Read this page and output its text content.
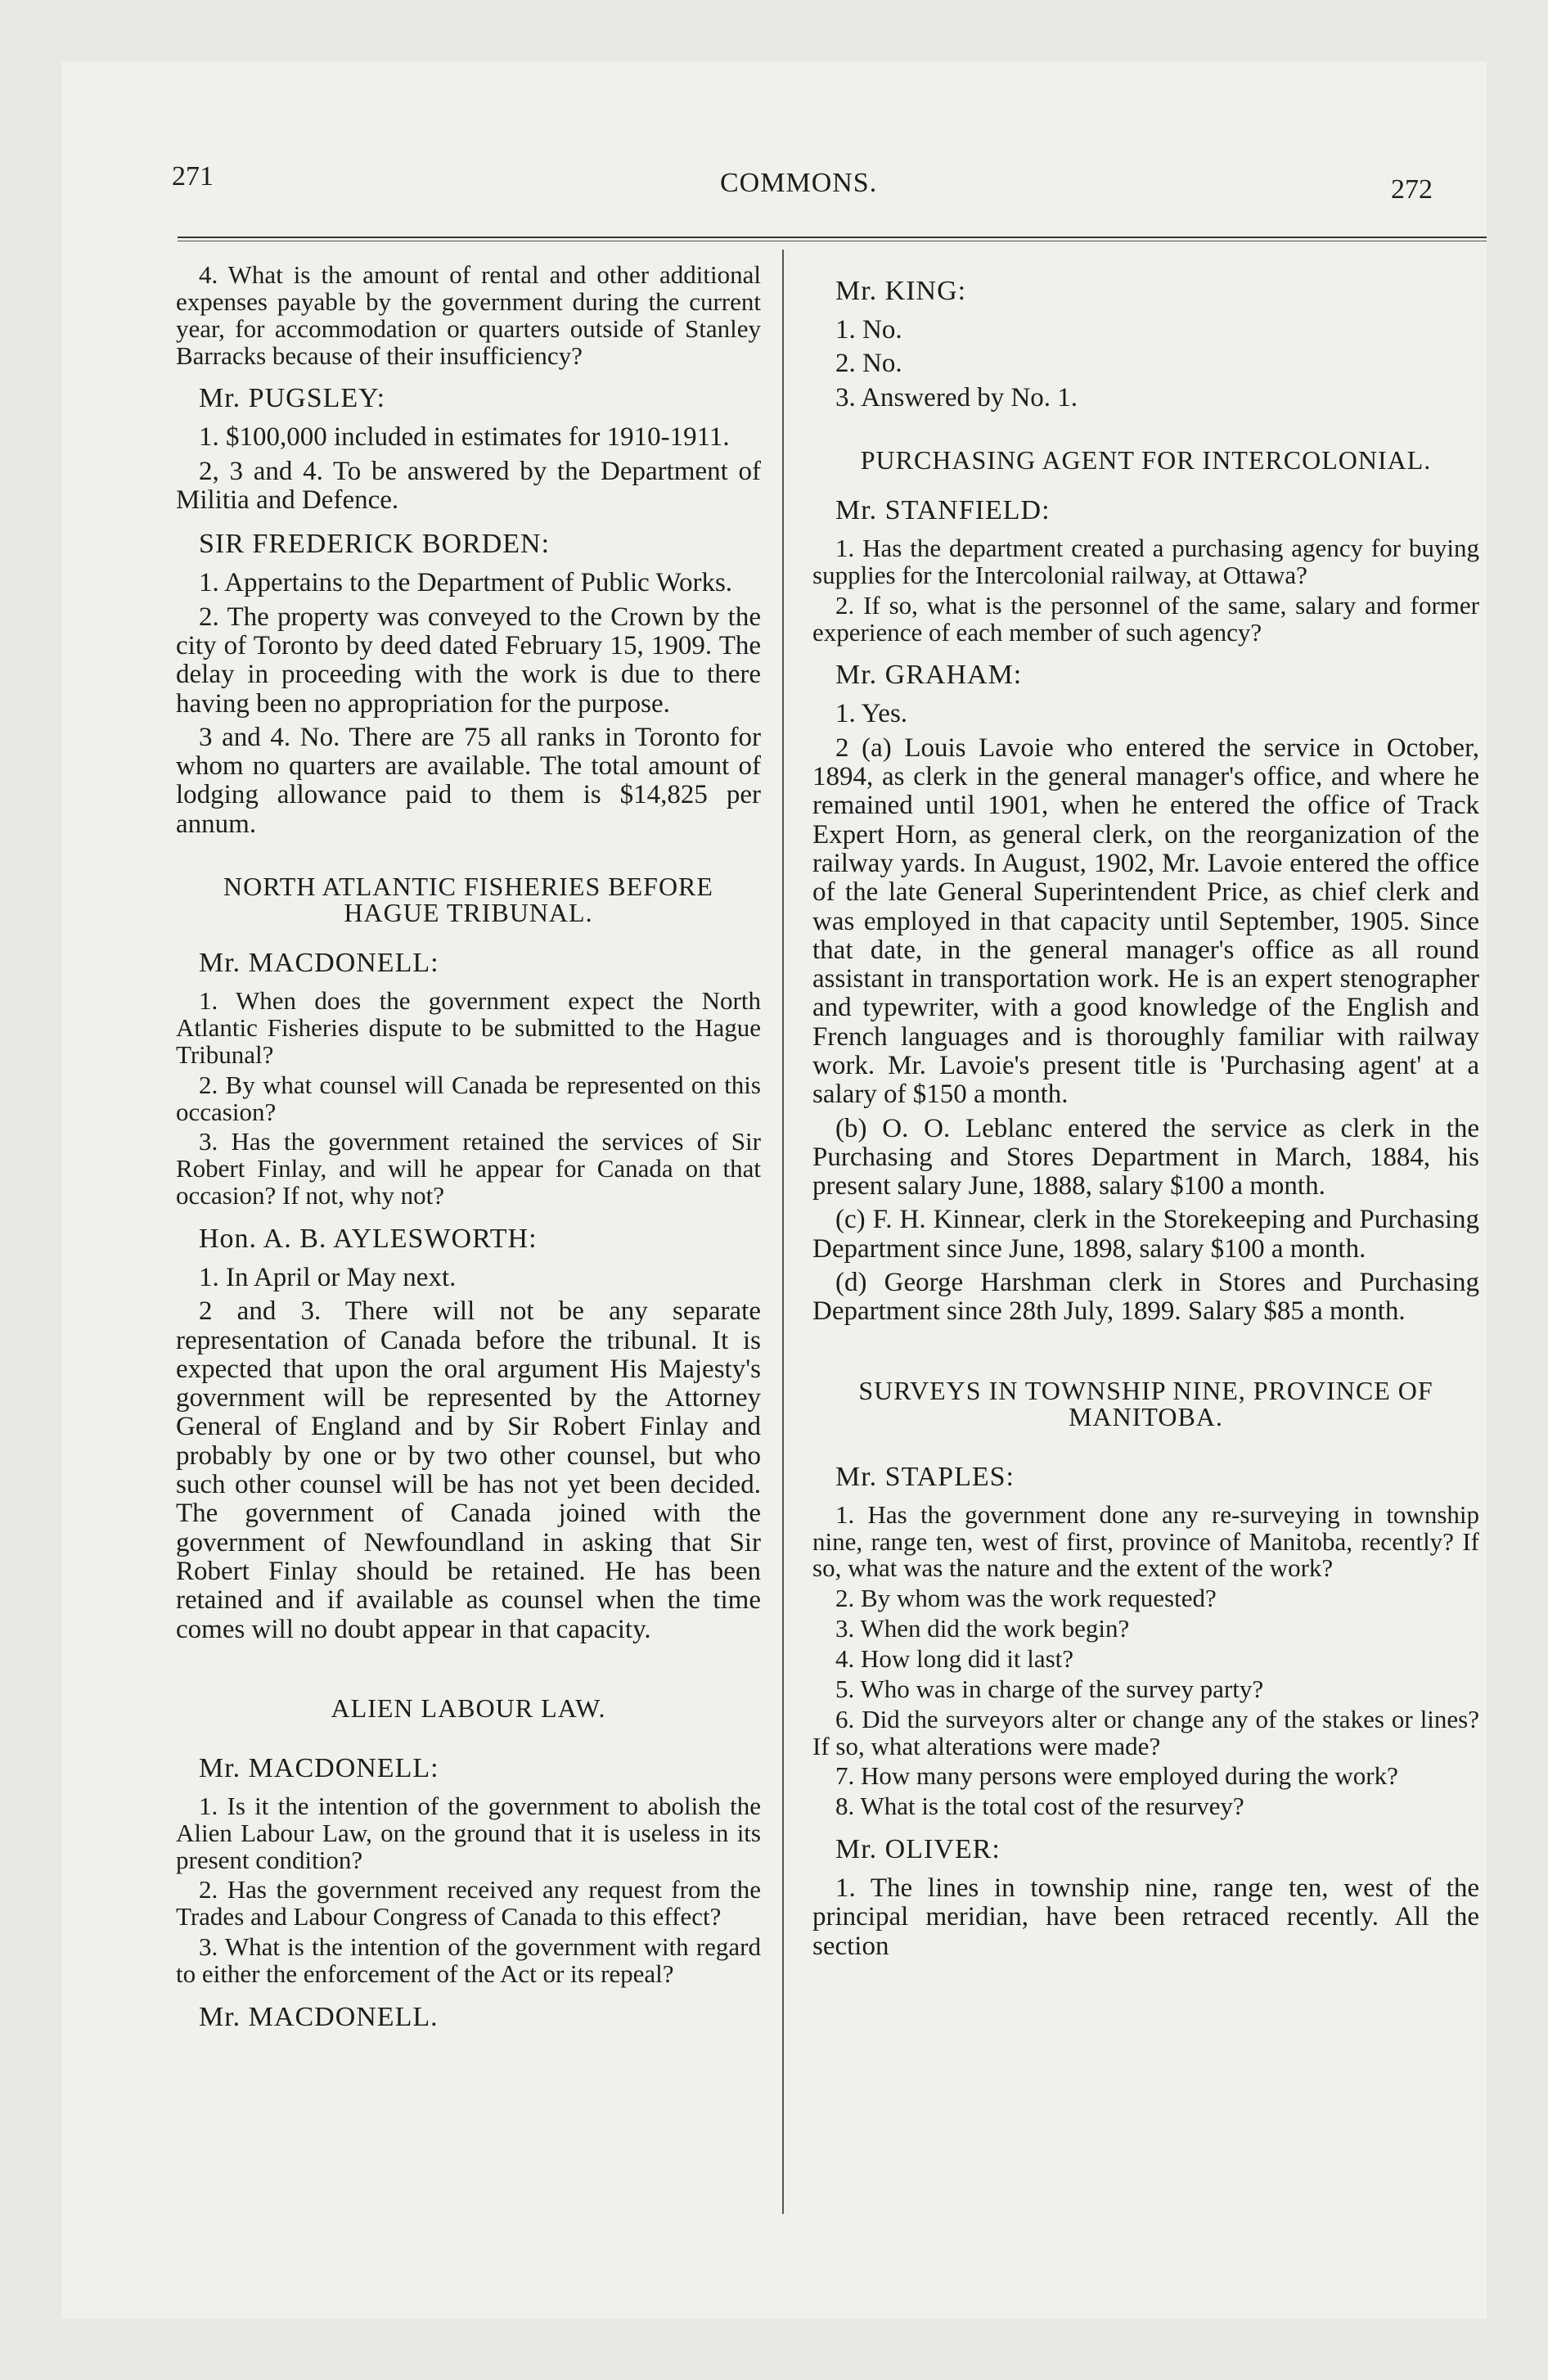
271	COMMONS.	272

4. What is the amount of rental and other additional expenses payable by the government during the current year, for accommodation or quarters outside of Stanley Barracks because of their insufficiency?

Mr. PUGSLEY:

1. $100,000 included in estimates for 1910-1911.

2, 3 and 4. To be answered by the Department of Militia and Defence.

SIR FREDERICK BORDEN:

1. Appertains to the Department of Public Works.

2. The property was conveyed to the Crown by the city of Toronto by deed dated February 15, 1909. The delay in proceeding with the work is due to there having been no appropriation for the purpose.

3 and 4. No. There are 75 all ranks in Toronto for whom no quarters are available. The total amount of lodging allowance paid to them is $14,825 per annum.

NORTH ATLANTIC FISHERIES BEFORE HAGUE TRIBUNAL.
Mr. MACDONELL:

1. When does the government expect the North Atlantic Fisheries dispute to be submitted to the Hague Tribunal?

2. By what counsel will Canada be represented on this occasion?

3. Has the government retained the services of Sir Robert Finlay, and will he appear for Canada on that occasion? If not, why not?

Hon. A. B. AYLESWORTH:

1. In April or May next.

2 and 3. There will not be any separate representation of Canada before the tribunal. It is expected that upon the oral argument His Majesty's government will be represented by the Attorney General of England and by Sir Robert Finlay and probably by one or by two other counsel, but who such other counsel will be has not yet been decided. The government of Canada joined with the government of Newfoundland in asking that Sir Robert Finlay should be retained. He has been retained and if available as counsel when the time comes will no doubt appear in that capacity.

ALIEN LABOUR LAW.
Mr. MACDONELL:

1. Is it the intention of the government to abolish the Alien Labour Law, on the ground that it is useless in its present condition?

2. Has the government received any request from the Trades and Labour Congress of Canada to this effect?

3. What is the intention of the government with regard to either the enforcement of the Act or its repeal?

Mr. MACDONELL.
Mr. KING:

1. No.

2. No.

3. Answered by No. 1.

PURCHASING AGENT FOR INTERCOLONIAL.
Mr. STANFIELD:

1. Has the department created a purchasing agency for buying supplies for the Intercolonial railway, at Ottawa?

2. If so, what is the personnel of the same, salary and former experience of each member of such agency?

Mr. GRAHAM:

1. Yes.

2 (a) Louis Lavoie who entered the service in October, 1894, as clerk in the general manager's office, and where he remained until 1901, when he entered the office of Track Expert Horn, as general clerk, on the reorganization of the railway yards. In August, 1902, Mr. Lavoie entered the office of the late General Superintendent Price, as chief clerk and was employed in that capacity until September, 1905. Since that date, in the general manager's office as all round assistant in transportation work. He is an expert stenographer and typewriter, with a good knowledge of the English and French languages and is thoroughly familiar with railway work. Mr. Lavoie's present title is 'Purchasing agent' at a salary of $150 a month.

(b) O. O. Leblanc entered the service as clerk in the Purchasing and Stores Department in March, 1884, his present salary June, 1888, salary $100 a month.

(c) F. H. Kinnear, clerk in the Storekeeping and Purchasing Department since June, 1898, salary $100 a month.

(d) George Harshman clerk in Stores and Purchasing Department since 28th July, 1899. Salary $85 a month.

SURVEYS IN TOWNSHIP NINE, PROVINCE OF MANITOBA.
Mr. STAPLES:

1. Has the government done any re-surveying in township nine, range ten, west of first, province of Manitoba, recently? If so, what was the nature and the extent of the work?

2. By whom was the work requested?

3. When did the work begin?

4. How long did it last?

5. Who was in charge of the survey party?

6. Did the surveyors alter or change any of the stakes or lines? If so, what alterations were made?

7. How many persons were employed during the work?

8. What is the total cost of the resurvey?

Mr. OLIVER:

1. The lines in township nine, range ten, west of the principal meridian, have been retraced recently. All the section
